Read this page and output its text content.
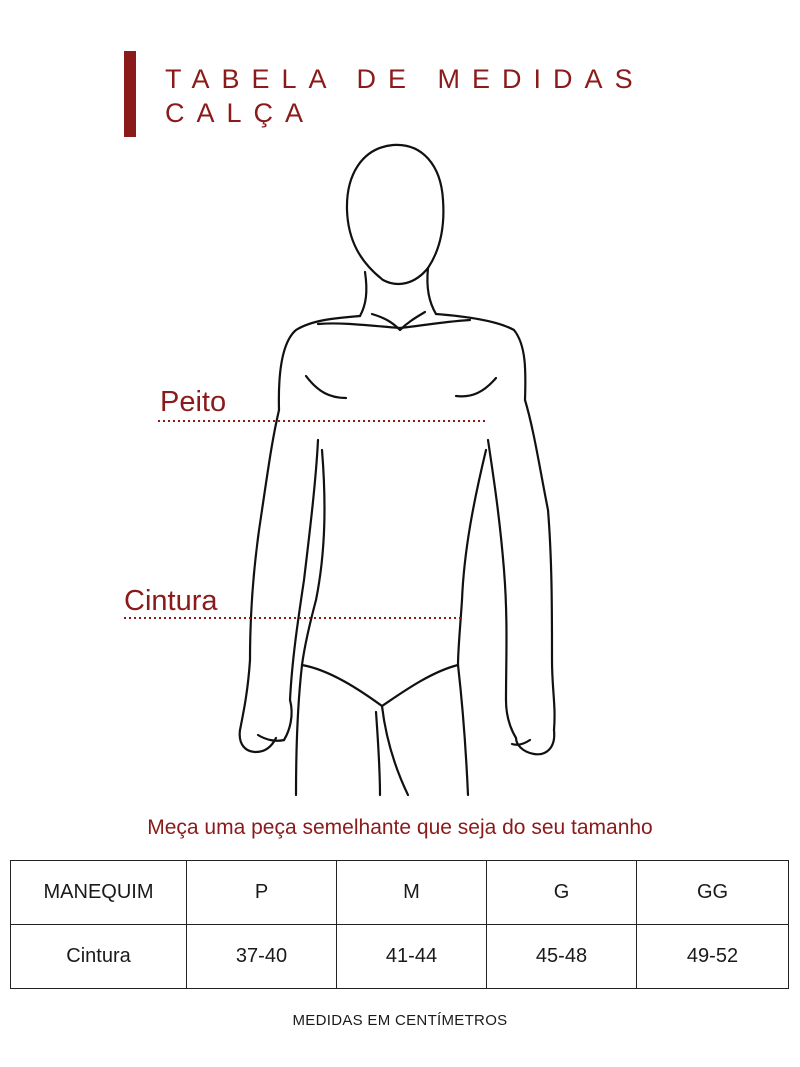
TABELA DE MEDIDAS
CALÇA
Peito
Cintura
Meça uma peça semelhante que seja do seu tamanho
MANEQUIM	P	M	G	GG
Cintura	37-40	41-44	45-48	49-52
MEDIDAS EM CENTÍMETROS
